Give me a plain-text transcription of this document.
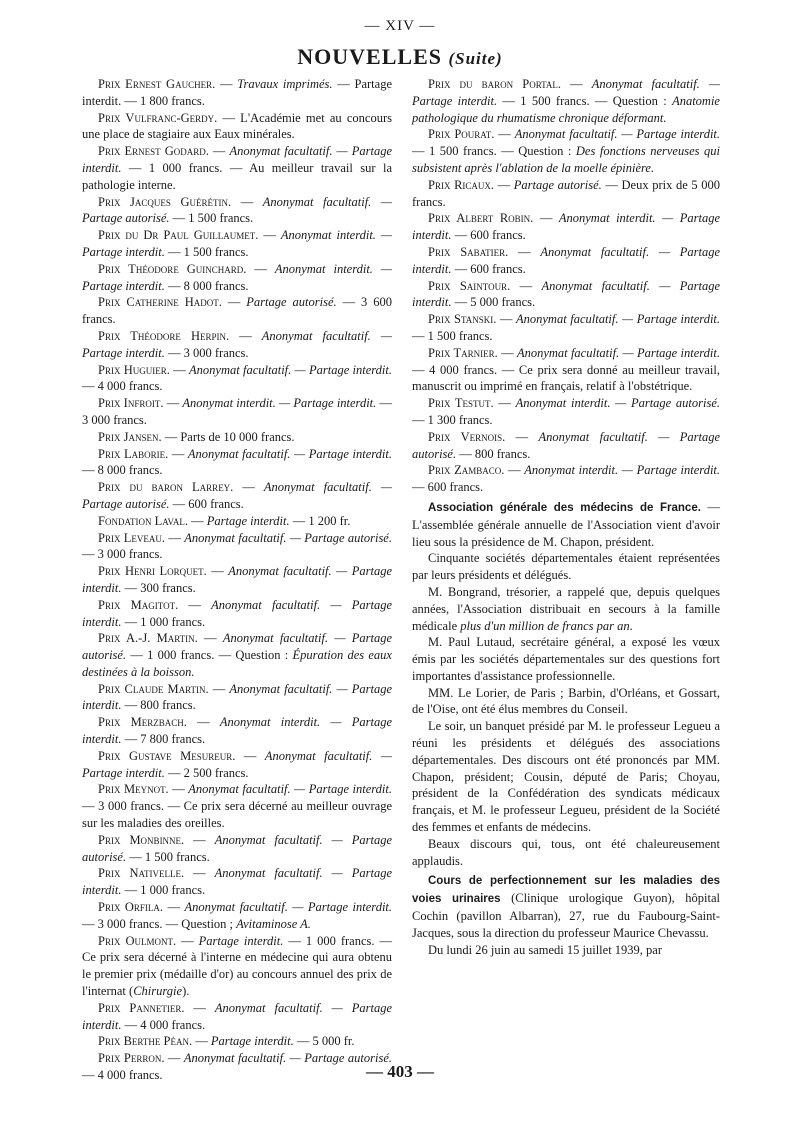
— XIV —
NOUVELLES (Suite)

Prix Ernest Gaucher. — Travaux imprimés. — Partage interdit. — 1 800 francs.

Prix Vulfranc-Gerdy. — L'Académie met au concours une place de stagiaire aux Eaux minérales.

Prix Ernest Godard. — Anonymat facultatif. — Partage interdit. — 1 000 francs. — Au meilleur travail sur la pathologie interne.

Prix Jacques Guérétin. — Anonymat facultatif. — Partage autorisé. — 1 500 francs.

Prix du Dr Paul Guillaumet. — Anonymat interdit. — Partage interdit. — 1 500 francs.

Prix Théodore Guinchard. — Anonymat interdit. — Partage interdit. — 8 000 francs.

Prix Catherine Hadot. — Partage autorisé. — 3 600 francs.

Prix Théodore Herpin. — Anonymat facultatif. — Partage interdit. — 3 000 francs.

Prix Huguier. — Anonymat facultatif. — Partage interdit. — 4 000 francs.

Prix Infroit. — Anonymat interdit. — Partage interdit. — 3 000 francs.

Prix Jansen. — Parts de 10 000 francs.

Prix Laborie. — Anonymat facultatif. — Partage interdit. — 8 000 francs.

Prix du baron Larrey. — Anonymat facultatif. — Partage autorisé. — 600 francs.

Fondation Laval. — Partage interdit. — 1 200 fr.

Prix Leveau. — Anonymat facultatif. — Partage autorisé. — 3 000 francs.

Prix Henri Lorquet. — Anonymat facultatif. — Partage interdit. — 300 francs.

Prix Magitot. — Anonymat facultatif. — Partage interdit. — 1 000 francs.

Prix A.-J. Martin. — Anonymat facultatif. — Partage autorisé. — 1 000 francs. — Question : Épuration des eaux destinées à la boisson.

Prix Claude Martin. — Anonymat facultatif. — Partage interdit. — 800 francs.

Prix Merzbach. — Anonymat interdit. — Partage interdit. — 7 800 francs.

Prix Gustave Mesureur. — Anonymat facultatif. — Partage interdit. — 2 500 francs.

Prix Meynot. — Anonymat facultatif. — Partage interdit. — 3 000 francs. — Ce prix sera décerné au meilleur ouvrage sur les maladies des oreilles.

Prix Monbinne. — Anonymat facultatif. — Partage autorisé. — 1 500 francs.

Prix Nativelle. — Anonymat facultatif. — Partage interdit. — 1 000 francs.

Prix Orfila. — Anonymat facultatif. — Partage interdit. — 3 000 francs. — Question ; Avitaminose A.

Prix Oulmont. — Partage interdit. — 1 000 francs. — Ce prix sera décerné à l'interne en médecine qui aura obtenu le premier prix (médaille d'or) au concours annuel des prix de l'internat (Chirurgie).

Prix Pannetier. — Anonymat facultatif. — Partage interdit. — 4 000 francs.

Prix Berthe Péan. — Partage interdit. — 5 000 fr.

Prix Perron. — Anonymat facultatif. — Partage autorisé. — 4 000 francs.

Prix du baron Portal. — Anonymat facultatif. — Partage interdit. — 1 500 francs. — Question : Anatomie pathologique du rhumatisme chronique déformant.

Prix Pourat. — Anonymat facultatif. — Partage interdit. — 1 500 francs. — Question : Des fonctions nerveuses qui subsistent après l'ablation de la moelle épinière.

Prix Ricaux. — Partage autorisé. — Deux prix de 5 000 francs.

Prix Albert Robin. — Anonymat interdit. — Partage interdit. — 600 francs.

Prix Sabatier. — Anonymat facultatif. — Partage interdit. — 600 francs.

Prix Saintour. — Anonymat facultatif. — Partage interdit. — 5 000 francs.

Prix Stanski. — Anonymat facultatif. — Partage interdit. — 1 500 francs.

Prix Tarnier. — Anonymat facultatif. — Partage interdit. — 4 000 francs. — Ce prix sera donné au meilleur travail, manuscrit ou imprimé en français, relatif à l'obstétrique.

Prix Testut. — Anonymat interdit. — Partage autorisé. — 1 300 francs.

Prix Vernois. — Anonymat facultatif. — Partage autorisé. — 800 francs.

Prix Zambaco. — Anonymat interdit. — Partage interdit. — 600 francs.

Association générale des médecins de France. — L'assemblée générale annuelle de l'Association vient d'avoir lieu sous la présidence de M. Chapon, président.

Cinquante sociétés départementales étaient représentées par leurs présidents et délégués.

M. Bongrand, trésorier, a rappelé que, depuis quelques années, l'Association distribuait en secours à la famille médicale plus d'un million de francs par an.

M. Paul Lutaud, secrétaire général, a exposé les vœux émis par les sociétés départementales sur des questions fort importantes d'assistance professionnelle.

MM. Le Lorier, de Paris ; Barbin, d'Orléans, et Gossart, de l'Oise, ont été élus membres du Conseil.

Le soir, un banquet présidé par M. le professeur Legueu a réuni les présidents et délégués des associations départementales. Des discours ont été prononcés par MM. Chapon, président; Cousin, député de Paris; Choyau, président de la Confédération des syndicats médicaux français, et M. le professeur Legueu, président de la Société des femmes et enfants de médecins.

Beaux discours qui, tous, ont été chaleureusement applaudis.

Cours de perfectionnement sur les maladies des voies urinaires (Clinique urologique Guyon), hôpital Cochin (pavillon Albarran), 27, rue du Faubourg-Saint-Jacques, sous la direction du professeur Maurice Chevassu.

Du lundi 26 juin au samedi 15 juillet 1939, par

— 403 —
